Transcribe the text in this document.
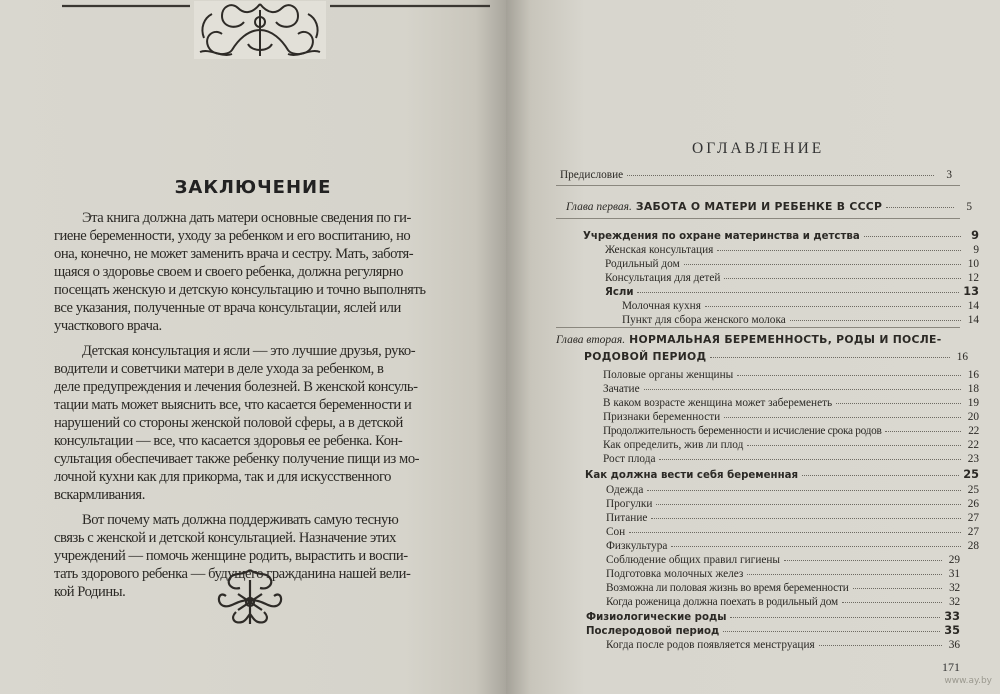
ЗАКЛЮЧЕНИЕ

Эта книга должна дать матери основные сведения по ги-
гиене беременности, уходу за ребенком и его воспитанию, но
она, конечно, не может заменить врача и сестру. Мать, заботя-
щаяся о здоровье своем и своего ребенка, должна регулярно
посещать женскую и детскую консультацию и точно выполнять
все указания, полученные от врача консультации, яслей или
участкового врача.

Детская консультация и ясли — это лучшие друзья, руко-
водители и советчики матери в деле ухода за ребенком, в
деле предупреждения и лечения болезней. В женской консуль-
тации мать может выяснить все, что касается беременности и
нарушений со стороны женской половой сферы, а в детской
консультации — все, что касается здоровья ее ребенка. Кон-
сультация обеспечивает также ребенку получение пищи из мо-
лочной кухни как для прикорма, так и для искусственного
вскармливания.

Вот почему мать должна поддерживать самую тесную
связь с женской и детской консультацией. Назначение этих
учреждений — помочь женщине родить, вырастить и воспи-
тать здорового ребенка — будущего гражданина нашей вели-
кой Родины.

ОГЛАВЛЕНИЕ
Предисловие	3
Глава первая. ЗАБОТА О МАТЕРИ И РЕБЕНКЕ В СССР	5
Учреждения по охране материнства и детства	9
Женская консультация	9
Родильный дом	10
Консультация для детей	12
Ясли	13
Молочная кухня	14
Пункт для сбора женского молока	14
Глава вторая. НОРМАЛЬНАЯ БЕРЕМЕННОСТЬ, РОДЫ И ПОСЛЕ-
РОДОВОЙ ПЕРИОД	16
Половые органы женщины	16
Зачатие	18
В каком возрасте женщина может забеременеть	19
Признаки беременности	20
Продолжительность беременности и исчисление срока родов	22
Как определить, жив ли плод	22
Рост плода	23
Как должна вести себя беременная	25
Одежда	25
Прогулки	26
Питание	27
Сон	27
Физкультура	28
Соблюдение общих правил гигиены	29
Подготовка молочных желез	31
Возможна ли половая жизнь во время беременности	32
Когда роженица должна поехать в родильный дом	32
Физиологические роды	33
Послеродовой период	35
Когда после родов появляется менструация	36
171
www.ay.by
